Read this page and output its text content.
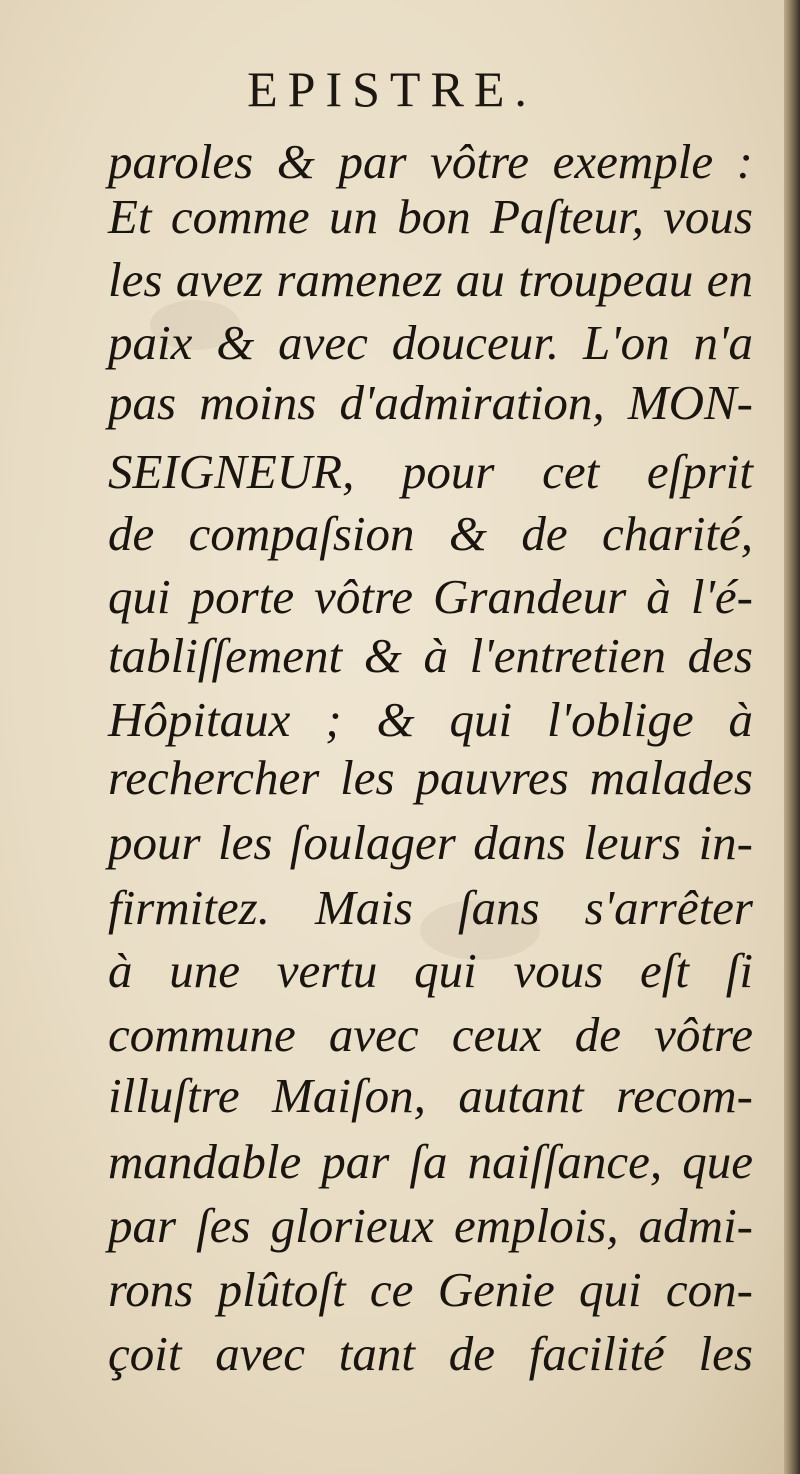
EPISTRE.
paroles & par vôtre exemple :
Et comme un bon Paſteur, vous
les avez ramenez au troupeau en
paix & avec douceur. L'on n'a
pas moins d'admiration, MON-
SEIGNEUR, pour cet eſprit
de compaſsion & de charité,
qui porte vôtre Grandeur à l'é-
tabliſſement & à l'entretien des
Hôpitaux ; & qui l'oblige à
rechercher les pauvres malades
pour les ſoulager dans leurs in-
firmitez. Mais ſans s'arrêter
à une vertu qui vous eſt ſi
commune avec ceux de vôtre
illuſtre Maiſon, autant recom-
mandable par ſa naiſſance, que
par ſes glorieux emplois, admi-
rons plûtoſt ce Genie qui con-
çoit avec tant de facilité les
